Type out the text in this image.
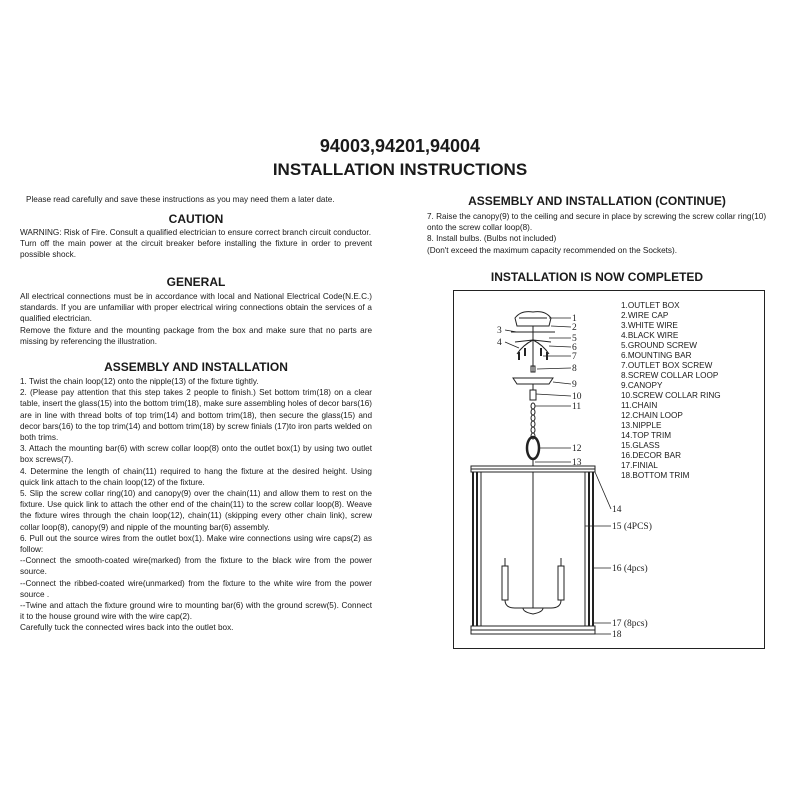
94003,94201,94004
INSTALLATION INSTRUCTIONS
Please read carefully and save these instructions as you may need them a later date.
CAUTION

WARNING: Risk of Fire. Consult a qualified electrician to ensure correct branch circuit conductor.

Turn off the main power at the circuit breaker before installing the fixture in order to prevent possible shock.

GENERAL

All electrical connections must be in accordance with local and National Electrical Code(N.E.C.) standards. If you are unfamiliar with proper electrical wiring connections obtain the services of a qualified electrician.

Remove the fixture and the mounting package from the box and make sure that no parts are missing by referencing the illustration.

ASSEMBLY AND INSTALLATION

1. Twist the chain loop(12) onto the nipple(13) of the fixture tightly.

2. (Please pay attention that this step takes 2 people to finish.) Set bottom trim(18) on a clear table, insert the glass(15) into the bottom trim(18), make sure assembling holes of decor bars(16) are in line with thread bolts of top trim(14) and bottom trim(18), then secure the glass(15) and decor bars(16) to the top trim(14) and bottom trim(18) by screw finials (17)to iron parts welded on both trims.

3. Attach the mounting bar(6) with screw collar loop(8) onto the outlet box(1) by using two outlet box screws(7).

4. Determine the length of chain(11) required to hang the fixture at the desired height. Using quick link attach to the chain loop(12) of the fixture.

5. Slip the screw collar ring(10) and canopy(9) over the chain(11) and allow them to rest on the fixture. Use quick link to attach the other end of the chain(11) to the screw collar loop(8). Weave the fixture wires through the chain loop(12), chain(11) (skipping every other chain link), screw collar loop(8), canopy(9) and nipple of the mounting bar(6) assembly.

6. Pull out the source wires from the outlet box(1). Make wire connections using wire caps(2) as follow:

--Connect the smooth-coated wire(marked) from the fixture to the black wire from the power source.

--Connect the ribbed-coated wire(unmarked) from the fixture to the white wire from the power source .

--Twine and attach the fixture ground wire to mounting bar(6) with the ground screw(5). Connect it to the house ground wire with the wire cap(2).

Carefully tuck the connected wires back into the outlet box.

ASSEMBLY AND INSTALLATION (CONTINUE)

7. Raise the canopy(9) to the ceiling and secure in place by screwing the screw collar ring(10) onto the screw collar loop(8).

8. Install bulbs. (Bulbs not included)

(Don't exceed the maximum capacity recommended on the Sockets).

INSTALLATION IS NOW COMPLETED
1
2
3
4	5
6
7
8
9
10
11
12
13
14
15 (4PCS)
16 (4pcs)
17 (8pcs)
18
1.OUTLET BOX
2.WIRE CAP
3.WHITE WIRE
4.BLACK WIRE
5.GROUND SCREW
6.MOUNTING BAR
7.OUTLET BOX SCREW
8.SCREW COLLAR LOOP
9.CANOPY
10.SCREW COLLAR RING
11.CHAIN
12.CHAIN LOOP
13.NIPPLE
14.TOP TRIM
15.GLASS
16.DECOR BAR
17.FINIAL
18.BOTTOM TRIM
